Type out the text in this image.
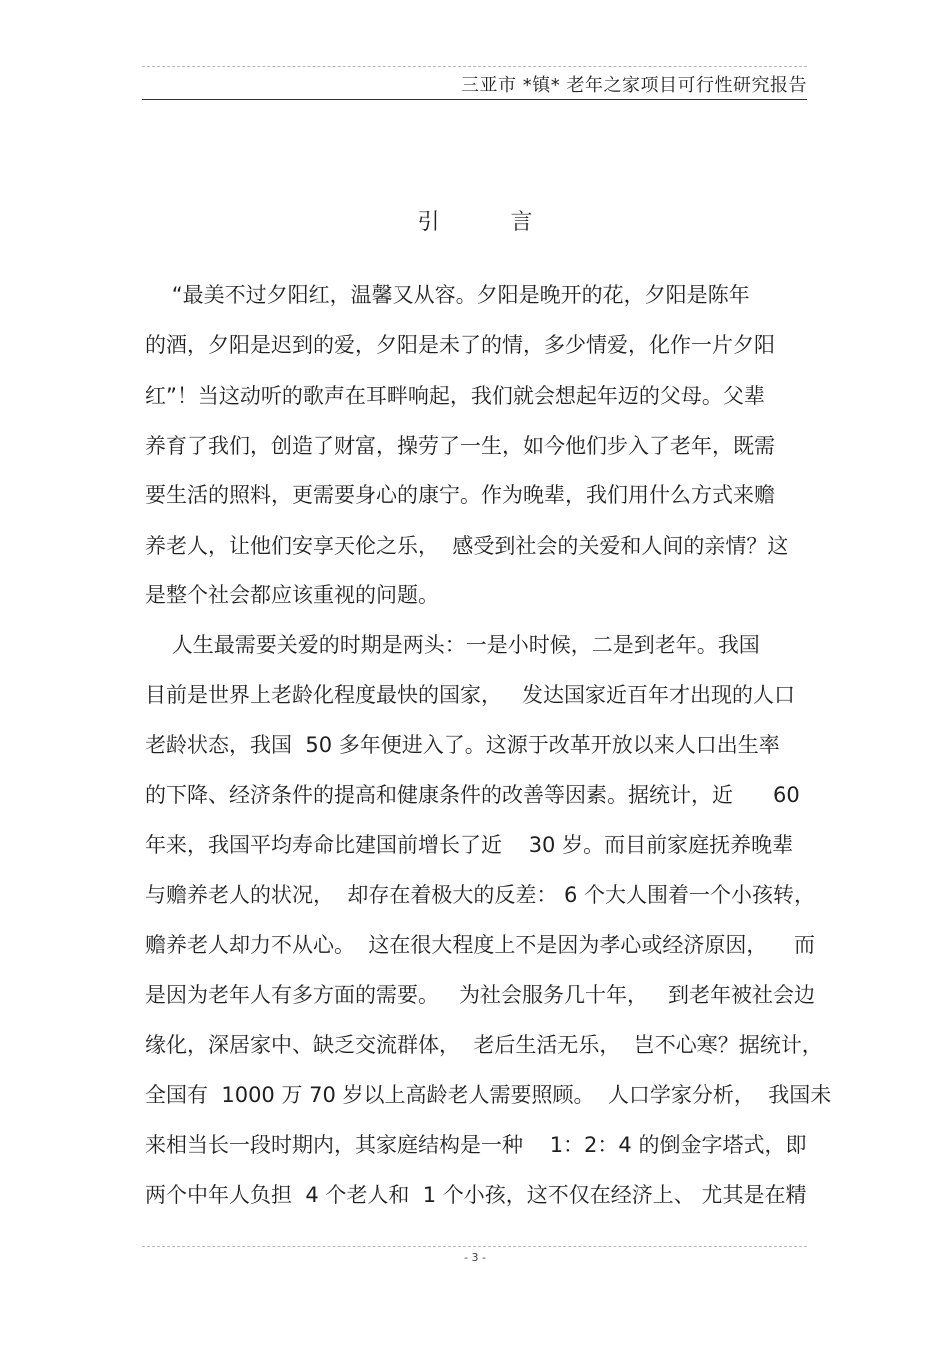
三亚市 *镇* 老年之家项目可行性研究报告
引 言
“最美不过夕阳红，温馨又从容。夕阳是晚开的花，夕阳是陈年
的酒，夕阳是迟到的爱，夕阳是未了的情，多少情爱，化作一片夕阳
红”！当这动听的歌声在耳畔响起，我们就会想起年迈的父母。父辈
养育了我们，创造了财富，操劳了一生，如今他们步入了老年，既需
要生活的照料，更需要身心的康宁。作为晚辈，我们用什么方式来赡
养老人，让他们安享天伦之乐，  感受到社会的关爱和人间的亲情？这
是整个社会都应该重视的问题。
人生最需要关爱的时期是两头：一是小时候，二是到老年。我国
目前是世界上老龄化程度最快的国家，   发达国家近百年才出现的人口
老龄状态，我国  50 多年便进入了。这源于改革开放以来人口出生率
的下降、经济条件的提高和健康条件的改善等因素。据统计，近      60
年来，我国平均寿命比建国前增长了近    30 岁。而目前家庭抚养晚辈
与赡养老人的状况，  却存在着极大的反差： 6 个大人围着一个小孩转，
赡养老人却力不从心。  这在很大程度上不是因为孝心或经济原因，    而
是因为老年人有多方面的需要。   为社会服务几十年，   到老年被社会边
缘化，深居家中、缺乏交流群体，  老后生活无乐，  岂不心寒？据统计，
全国有  1000 万 70 岁以上高龄老人需要照顾。  人口学家分析，  我国未
来相当长一段时期内，其家庭结构是一种    1：2：4 的倒金字塔式，即
两个中年人负担  4 个老人和  1 个小孩，这不仅在经济上、 尤其是在精
- 3 -
